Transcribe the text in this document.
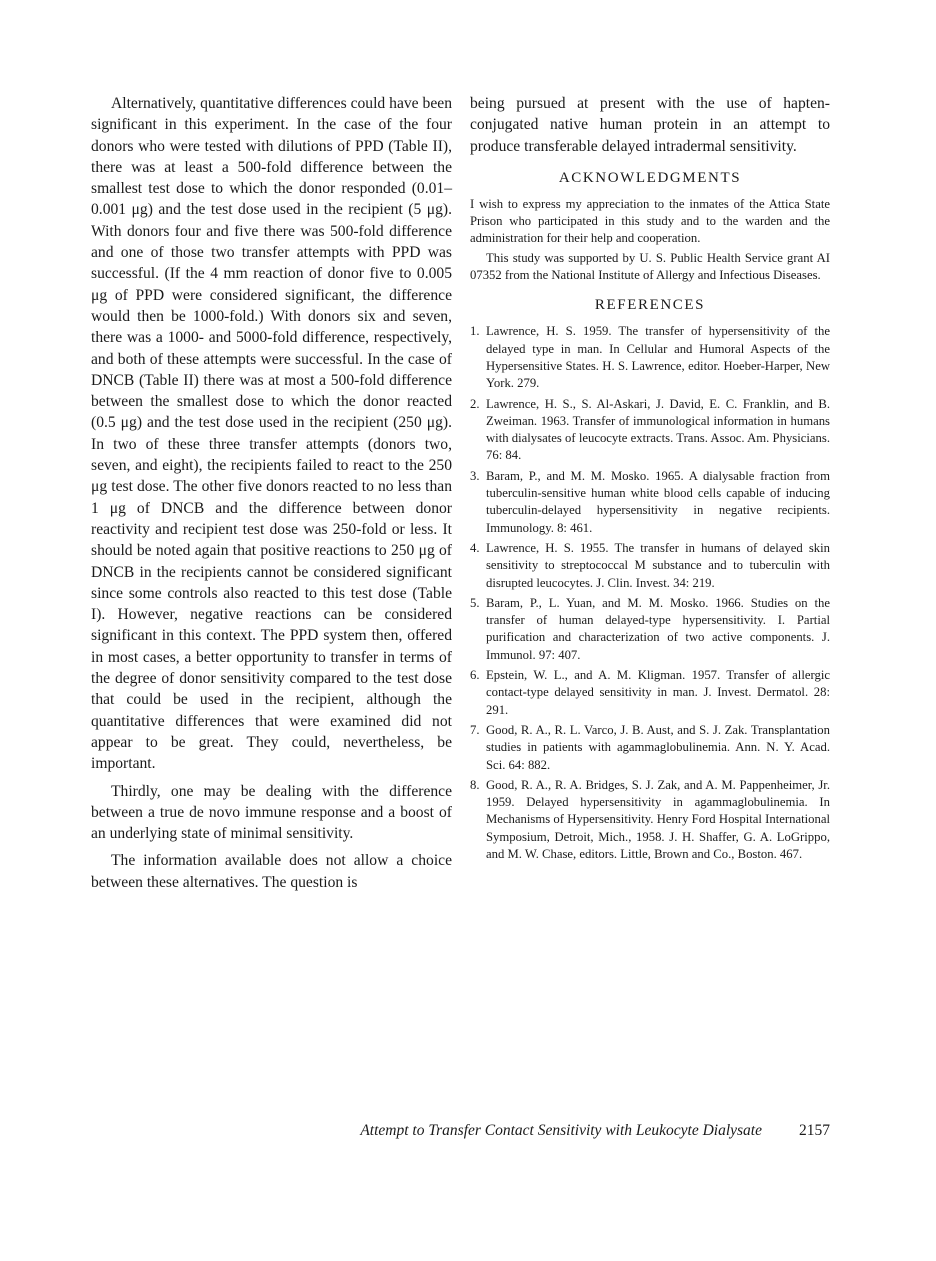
Alternatively, quantitative differences could have been significant in this experiment. In the case of the four donors who were tested with dilutions of PPD (Table II), there was at least a 500-fold difference between the smallest test dose to which the donor responded (0.01–0.001 μg) and the test dose used in the recipient (5 μg). With donors four and five there was 500-fold difference and one of those two transfer attempts with PPD was successful. (If the 4 mm reaction of donor five to 0.005 μg of PPD were considered significant, the difference would then be 1000-fold.) With donors six and seven, there was a 1000- and 5000-fold difference, respectively, and both of these attempts were successful. In the case of DNCB (Table II) there was at most a 500-fold difference between the smallest dose to which the donor reacted (0.5 μg) and the test dose used in the recipient (250 μg). In two of these three transfer attempts (donors two, seven, and eight), the recipients failed to react to the 250 μg test dose. The other five donors reacted to no less than 1 μg of DNCB and the difference between donor reactivity and recipient test dose was 250-fold or less. It should be noted again that positive reactions to 250 μg of DNCB in the recipients cannot be considered significant since some controls also reacted to this test dose (Table I). However, negative reactions can be considered significant in this context. The PPD system then, offered in most cases, a better opportunity to transfer in terms of the degree of donor sensitivity compared to the test dose that could be used in the recipient, although the quantitative differences that were examined did not appear to be great. They could, nevertheless, be important.

Thirdly, one may be dealing with the difference between a true de novo immune response and a boost of an underlying state of minimal sensitivity.

The information available does not allow a choice between these alternatives. The question is

being pursued at present with the use of hapten-conjugated native human protein in an attempt to produce transferable delayed intradermal sensitivity.

ACKNOWLEDGMENTS

I wish to express my appreciation to the inmates of the Attica State Prison who participated in this study and to the warden and the administration for their help and cooperation.

This study was supported by U. S. Public Health Service grant AI 07352 from the National Institute of Allergy and Infectious Diseases.

REFERENCES
1. Lawrence, H. S. 1959. The transfer of hypersensitivity of the delayed type in man. In Cellular and Humoral Aspects of the Hypersensitive States. H. S. Lawrence, editor. Hoeber-Harper, New York. 279.
2. Lawrence, H. S., S. Al-Askari, J. David, E. C. Franklin, and B. Zweiman. 1963. Transfer of immunological information in humans with dialysates of leucocyte extracts. Trans. Assoc. Am. Physicians. 76: 84.
3. Baram, P., and M. M. Mosko. 1965. A dialysable fraction from tuberculin-sensitive human white blood cells capable of inducing tuberculin-delayed hypersensitivity in negative recipients. Immunology. 8: 461.
4. Lawrence, H. S. 1955. The transfer in humans of delayed skin sensitivity to streptococcal M substance and to tuberculin with disrupted leucocytes. J. Clin. Invest. 34: 219.
5. Baram, P., L. Yuan, and M. M. Mosko. 1966. Studies on the transfer of human delayed-type hypersensitivity. I. Partial purification and characterization of two active components. J. Immunol. 97: 407.
6. Epstein, W. L., and A. M. Kligman. 1957. Transfer of allergic contact-type delayed sensitivity in man. J. Invest. Dermatol. 28: 291.
7. Good, R. A., R. L. Varco, J. B. Aust, and S. J. Zak. Transplantation studies in patients with agammaglobulinemia. Ann. N. Y. Acad. Sci. 64: 882.
8. Good, R. A., R. A. Bridges, S. J. Zak, and A. M. Pappenheimer, Jr. 1959. Delayed hypersensitivity in agammaglobulinemia. In Mechanisms of Hypersensitivity. Henry Ford Hospital International Symposium, Detroit, Mich., 1958. J. H. Shaffer, G. A. LoGrippo, and M. W. Chase, editors. Little, Brown and Co., Boston. 467.
Attempt to Transfer Contact Sensitivity with Leukocyte Dialysate 2157
